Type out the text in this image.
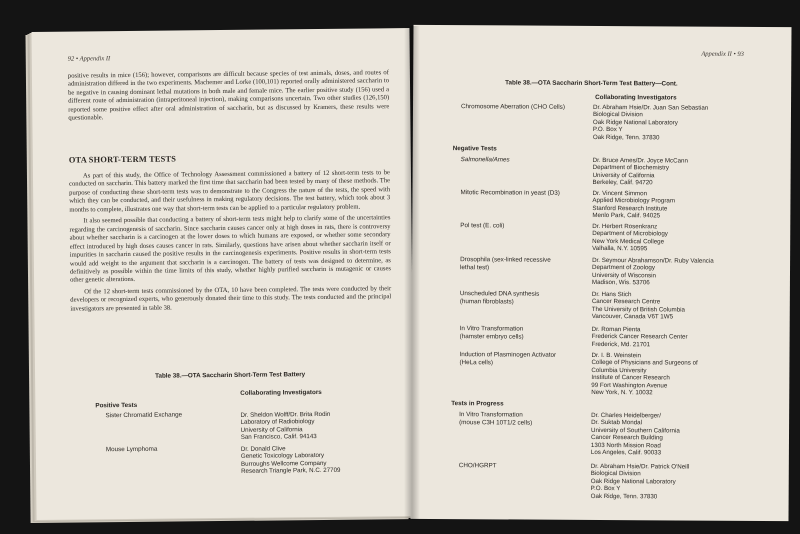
92 • Appendix II

positive results in mice (156); however, comparisons are difficult because species of test animals, doses, and routes of administration differed in the two experiments. Machemer and Lorke (100,101) reported orally administered saccharin to be negative in causing dominant lethal mutations in both male and female mice. The earlier positive study (156) used a different route of administration (intraperitoneal injection), making comparisons uncertain. Two other studies (126,150) reported some positive effect after oral administration of saccharin, but as discussed by Kramers, these results were questionable.

OTA SHORT-TERM TESTS

As part of this study, the Office of Technology Assessment commissioned a battery of 12 short-term tests to be conducted on saccharin. This battery marked the first time that saccharin had been tested by many of these methods. The purpose of conducting these short-term tests was to demonstrate to the Congress the nature of the tests, the speed with which they can be conducted, and their usefulness in making regulatory decisions. The test battery, which took about 3 months to complete, illustrates one way that short-term tests can be applied to a particular regulatory problem.

It also seemed possible that conducting a battery of short-term tests might help to clarify some of the uncertainties regarding the carcinogenesis of saccharin. Since saccharin causes cancer only at high doses in rats, there is controversy about whether saccharin is a carcinogen at the lower doses to which humans are exposed, or whether some secondary effect introduced by high doses causes cancer in rats. Similarly, questions have arisen about whether saccharin itself or impurities in saccharin caused the positive results in the carcinogenesis experiments. Positive results in short-term tests would add weight to the argument that saccharin is a carcinogen. The battery of tests was designed to determine, as definitively as possible within the time limits of this study, whether highly purified saccharin is mutagenic or causes other genetic alterations.

Of the 12 short-term tests commissioned by the OTA, 10 have been completed. The tests were conducted by their developers or recognized experts, who generously donated their time to this study. The tests conducted and the principal investigators are presented in table 38.

Table 38.—OTA Saccharin Short-Term Test Battery
Collaborating Investigators
Positive Tests
Sister Chromatid Exchange	Dr. Sheldon Wolff/Dr. Brita Rodin
Laboratory of Radiobiology
University of California
San Francisco, Calif. 94143
Mouse Lymphoma	Dr. Donald Clive
Genetic Toxicology Laboratory
Burroughs Wellcome Company
Research Triangle Park, N.C. 27709
Appendix II • 93
Table 38.—OTA Saccharin Short-Term Test Battery—Cont.
Collaborating Investigators
Chromosome Aberration (CHO Cells)	Dr. Abraham Hsie/Dr. Juan San Sebastian
Biological Division
Oak Ridge National Laboratory
P.O. Box Y
Oak Ridge, Tenn. 37830
Negative Tests
Salmonella/Ames	Dr. Bruce Ames/Dr. Joyce McCann
Department of Biochemistry
University of California
Berkeley, Calif. 94720
Mitotic Recombination in yeast (D3)	Dr. Vincent Simmon
Applied Microbiology Program
Stanford Research Institute
Menlo Park, Calif. 94025
Pol test (E. coli)	Dr. Herbert Rosenkranz
Department of Microbiology
New York Medical College
Valhalla, N.Y. 10595
Drosophila (sex-linked recessive
lethal test)
Dr. Seymour Abrahamson/Dr. Ruby Valencia
Department of Zoology
University of Wisconsin
Madison, Wis. 53706
Unscheduled DNA synthesis
(human fibroblasts)
Dr. Hans Stich
Cancer Research Centre
The University of British Columbia
Vancouver, Canada V6T 1W5
In Vitro Transformation
(hamster embryo cells)
Dr. Roman Pienta
Frederick Cancer Research Center
Frederick, Md. 21701
Induction of Plasminogen Activator
(HeLa cells)
Dr. I. B. Weinstein
College of Physicians and Surgeons of
Columbia University
Institute of Cancer Research
99 Fort Washington Avenue
New York, N. Y. 10032
Tests in Progress
In Vitro Transformation
(mouse C3H 10T1/2 cells)
Dr. Charles Heidelberger/
Dr. Suktab Mondal
University of Southern California
Cancer Research Building
1303 North Mission Road
Los Angeles, Calif. 90033
CHO/HGRPT	Dr. Abraham Hsie/Dr. Patrick O'Neill
Biological Division
Oak Ridge National Laboratory
P.O. Box Y
Oak Ridge, Tenn. 37830
